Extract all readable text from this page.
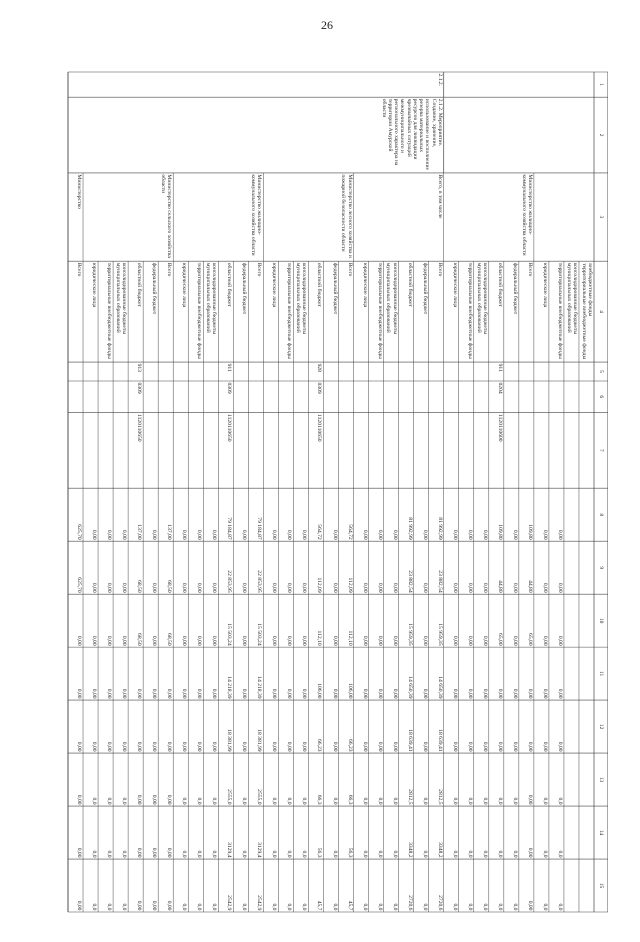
26
1
2
3
4
5
6
7
8
9
10
11
12
13
14
15
внебюджетные фонды
территориальные внебюджетные фонды
консолидированные бюджеты муниципальных образований
территориальные внебюджетные фонды
0,00
0,00
0,00
0,00
0,00
0,0
0,0
0,0
юридические лица
0,00
0,00
0,00
0,00
0,00
0,0
0,0
0,0
Министерство жилищно-коммунального хозяйства области
Всего
109,80
44,80
65,00
0,00
0,00
0,00
0,00
0,00
федеральный бюджет
0,00
0,00
0,00
0,00
0,00
0,0
0,0
0,0
областной бюджет
911
0204
1120110600
109,80
44,80
65,00
0,00
0,00
0,0
0,0
0,0
консолидированные бюджеты муниципальных образований
0,00
0,00
0,00
0,00
0,00
0,0
0,0
0,0
территориальные внебюджетные фонды
0,00
0,00
0,00
0,00
0,00
0,0
0,0
0,0
юридические лица
0,00
0,00
0,00
0,00
0,00
0,0
0,0
0,0
2.1.2.
2.1.2. Мероприятие. Создание, хранение, использование и восполнение резерва материальных ресурсов для ликвидации чрезвычайных ситуаций межмуниципального и регионального характера на территории Амурской области
Всего, в том числе
Всего
81 992,99
23 882,54
15 959,35
14 650,39
18 639,41
2812,5
3348,2
2720,6
федеральный бюджет
0,00
0,00
0,00
0,00
0,00
0,0
0,0
0,0
областной бюджет
81 992,99
23 882,54
15 959,35
14 650,39
18 639,41
2812,5
3348,2
2720,6
консолидированные бюджеты муниципальных образований
0,00
0,00
0,00
0,00
0,00
0,0
0,0
0,0
территориальные внебюджетные фонды
0,00
0,00
0,00
0,00
0,00
0,0
0,0
0,0
юридические лица
0,00
0,00
0,00
0,00
0,00
0,0
0,0
0,0
Министерство лесного хозяйства и пожарной безопасности области
Всего
564,72
112,09
112,10
106,00
66,23
66,3
56,3
45,7
федеральный бюджет
0,00
0,00
0,00
0,00
0,00
0,0
0,0
0,0
областной бюджет
928
0309
1120110650
564,72
112,09
112,10
106,00
66,23
66,3
56,3
45,7
консолидированные бюджеты муниципальных образований
0,00
0,00
0,00
0,00
0,00
0,0
0,0
0,0
территориальные внебюджетные фонды
0,00
0,00
0,00
0,00
0,00
0,0
0,0
0,0
юридические лица
0,00
0,00
0,00
0,00
0,00
0,0
0,0
0,0
Министерство жилищно-коммунального хозяйства области
Всего
79 184,87
22 853,95
15 503,24
14 218,39
18 381,99
2555,0
3129,4
2542,9
федеральный бюджет
0,00
0,00
0,00
0,00
0,00
0,0
0,0
0,0
областной бюджет
911
0309
1120110650
79 184,87
22 853,95
15 503,24
14 218,39
18 381,99
2555,0
3129,4
2542,9
консолидированные бюджеты муниципальных образований
0,00
0,00
0,00
0,00
0,00
0,0
0,0
0,0
территориальные внебюджетные фонды
0,00
0,00
0,00
0,00
0,00
0,0
0,0
0,0
юридические лица
0,00
0,00
0,00
0,00
0,00
0,0
0,0
0,0
Министерство сельского хозяйства области
Всего
137,00
68,50
68,50
0,00
0,00
0,00
0,00
0,00
федеральный бюджет
0,00
0,00
0,00
0,00
0,00
0,00
0,00
0,00
областной бюджет
913
0309
1120110650
137,00
68,50
68,50
0,00
0,00
0,00
0,00
0,00
консолидированные бюджеты муниципальных образований
0,00
0,00
0,00
0,00
0,00
0,0
0,0
0,0
территориальные внебюджетные фонды
0,00
0,00
0,00
0,00
0,00
0,0
0,0
0,0
юридические лица
0,00
0,00
0,00
0,00
0,00
0,0
0,0
0,0
Министерство
Всего
625,70
625,70
0,00
0,00
0,00
0,00
0,00
0,00
